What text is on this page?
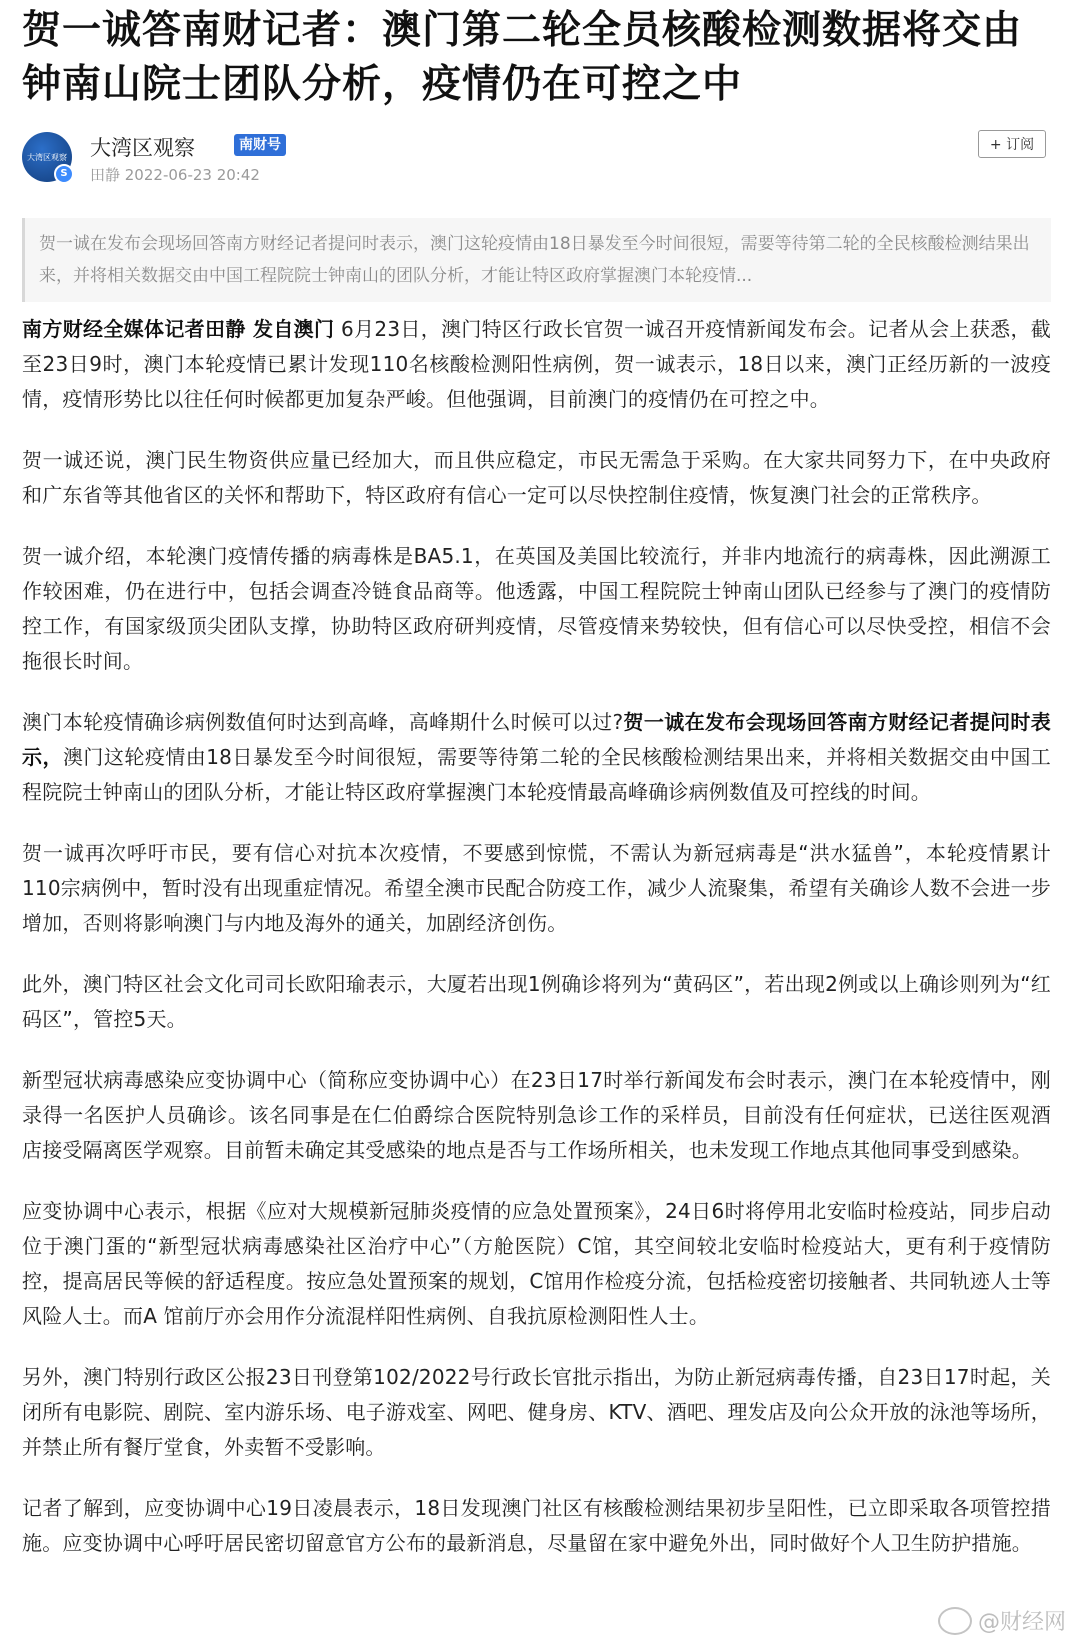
贺一诚答南财记者：澳门第二轮全员核酸检测数据将交由钟南山院士团队分析，疫情仍在可控之中
大湾区观察
S
大湾区观察	南财号
田静 2022-06-23 20:42
+ 订阅
贺一诚在发布会现场回答南方财经记者提问时表示，澳门这轮疫情由18日暴发至今时间很短，需要等待第二轮的全民核酸检测结果出来，并将相关数据交由中国工程院院士钟南山的团队分析，才能让特区政府掌握澳门本轮疫情...

南方财经全媒体记者田静 发自澳门 6月23日，澳门特区行政长官贺一诚召开疫情新闻发布会。记者从会上获悉，截至23日9时，澳门本轮疫情已累计发现110名核酸检测阳性病例，贺一诚表示，18日以来，澳门正经历新的一波疫情，疫情形势比以往任何时候都更加复杂严峻。但他强调，目前澳门的疫情仍在可控之中。

贺一诚还说，澳门民生物资供应量已经加大，而且供应稳定，市民无需急于采购。在大家共同努力下，在中央政府和广东省等其他省区的关怀和帮助下，特区政府有信心一定可以尽快控制住疫情，恢复澳门社会的正常秩序。

贺一诚介绍，本轮澳门疫情传播的病毒株是BA5.1，在英国及美国比较流行，并非内地流行的病毒株，因此溯源工作较困难，仍在进行中，包括会调查冷链食品商等。他透露，中国工程院院士钟南山团队已经参与了澳门的疫情防控工作，有国家级顶尖团队支撑，协助特区政府研判疫情，尽管疫情来势较快，但有信心可以尽快受控，相信不会拖很长时间。

澳门本轮疫情确诊病例数值何时达到高峰，高峰期什么时候可以过?贺一诚在发布会现场回答南方财经记者提问时表示，澳门这轮疫情由18日暴发至今时间很短，需要等待第二轮的全民核酸检测结果出来，并将相关数据交由中国工程院院士钟南山的团队分析，才能让特区政府掌握澳门本轮疫情最高峰确诊病例数值及可控线的时间。

贺一诚再次呼吁市民，要有信心对抗本次疫情，不要感到惊慌，不需认为新冠病毒是“洪水猛兽”，本轮疫情累计 110宗病例中，暂时没有出现重症情况。希望全澳市民配合防疫工作，减少人流聚集，希望有关确诊人数不会进一步增加，否则将影响澳门与内地及海外的通关，加剧经济创伤。

此外，澳门特区社会文化司司长欧阳瑜表示，大厦若出现1例确诊将列为“黄码区”，若出现2例或以上确诊则列为“红码区”，管控5天。

新型冠状病毒感染应变协调中心（简称应变协调中心）在23日17时举行新闻发布会时表示，澳门在本轮疫情中，刚录得一名医护人员确诊。该名同事是在仁伯爵综合医院特别急诊工作的采样员，目前没有任何症状，已送往医观酒店接受隔离医学观察。目前暂未确定其受感染的地点是否与工作场所相关，也未发现工作地点其他同事受到感染。

应变协调中心表示，根据《应对大规模新冠肺炎疫情的应急处置预案》，24日6时将停用北安临时检疫站，同步启动位于澳门蛋的“新型冠状病毒感染社区治疗中心”（方舱医院）C馆，其空间较北安临时检疫站大，更有利于疫情防控，提高居民等候的舒适程度。按应急处置预案的规划，C馆用作检疫分流，包括检疫密切接触者、共同轨迹人士等风险人士。而A 馆前厅亦会用作分流混样阳性病例、自我抗原检测阳性人士。

另外，澳门特别行政区公报23日刊登第102/2022号行政长官批示指出，为防止新冠病毒传播，自23日17时起，关闭所有电影院、剧院、室内游乐场、电子游戏室、网吧、健身房、KTV、酒吧、理发店及向公众开放的泳池等场所，并禁止所有餐厅堂食，外卖暂不受影响。

记者了解到，应变协调中心19日凌晨表示，18日发现澳门社区有核酸检测结果初步呈阳性，已立即采取各项管控措施。应变协调中心呼吁居民密切留意官方公布的最新消息，尽量留在家中避免外出，同时做好个人卫生防护措施。

@财经网
